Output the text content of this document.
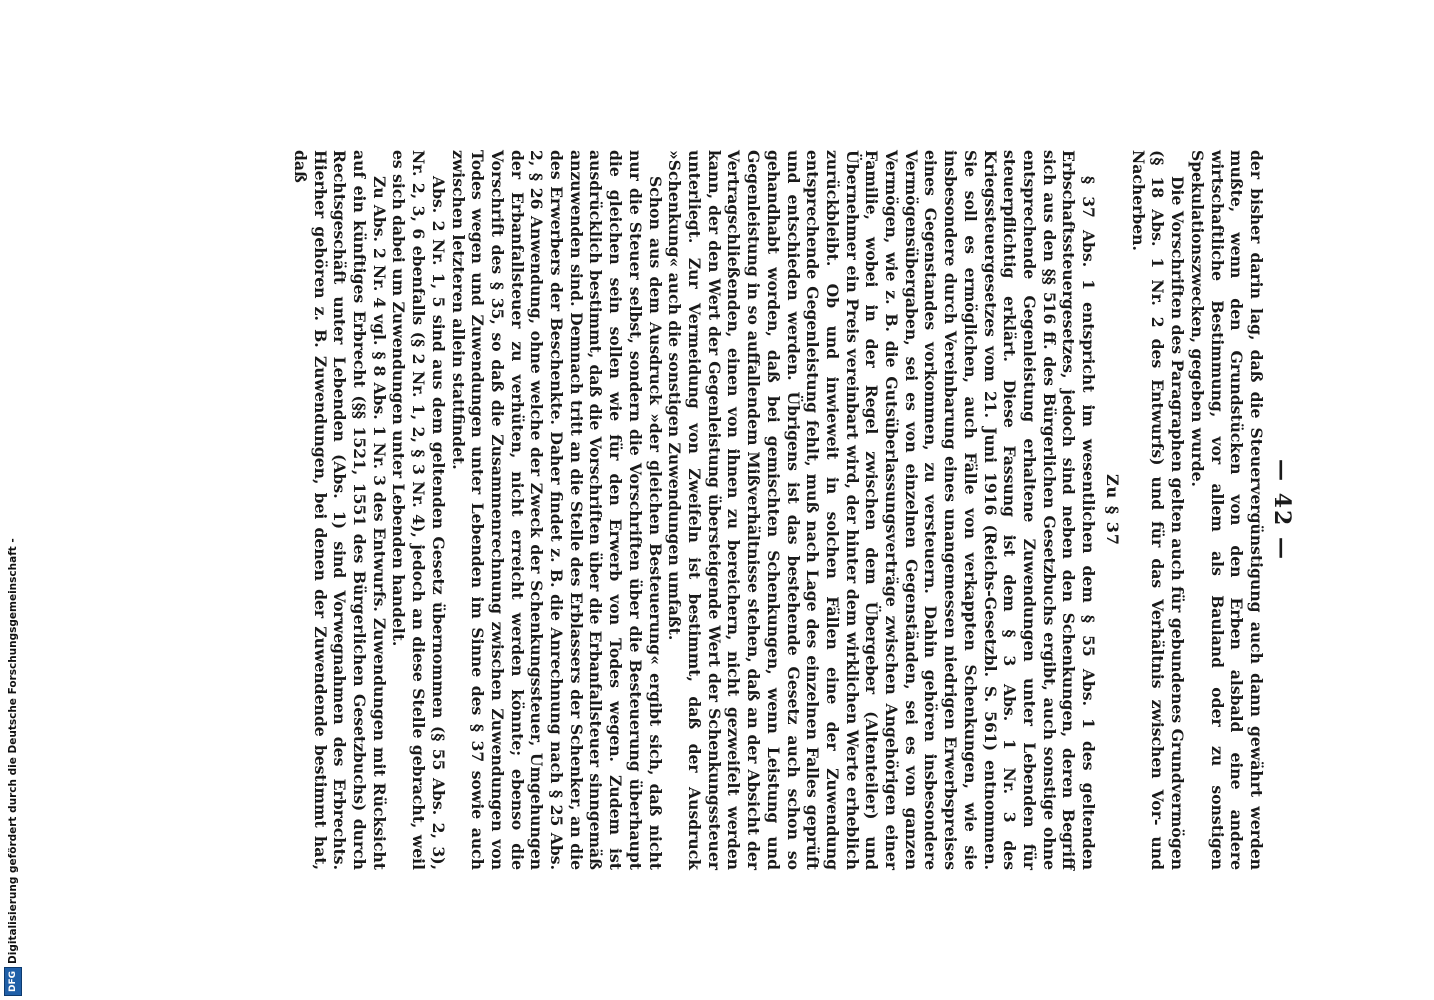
— 42 —

der bisher darin lag, daß die Steuervergünstigung auch dann gewährt werden mußte, wenn den Grundstücken von den Erben alsbald eine andere wirtschaftliche Bestimmung, vor allem als Bauland oder zu sonstigen Spekulationszwecken, gegeben wurde.

Die Vorschriften des Paragraphen gelten auch für gebundenes Grundvermögen (§ 18 Abs. 1 Nr. 2 des Entwurfs) und für das Verhältnis zwischen Vor- und Nacherben.

Zu § 37

§ 37 Abs. 1 entspricht im wesentlichen dem § 55 Abs. 1 des geltenden Erbschaftssteuergesetzes, jedoch sind neben den Schenkungen, deren Begriff sich aus den §§ 516 ff. des Bürgerlichen Gesetzbuchs ergibt, auch sonstige ohne entsprechende Gegenleistung erhaltene Zuwendungen unter Lebenden für steuerpflichtig erklärt. Diese Fassung ist dem § 3 Abs. 1 Nr. 3 des Kriegssteuergesetzes vom 21. Juni 1916 (Reichs-Gesetzbl. S. 561) entnommen. Sie soll es ermöglichen, auch Fälle von verkappten Schenkungen, wie sie insbesondere durch Vereinbarung eines unangemessen niedrigen Erwerbspreises eines Gegenstandes vorkommen, zu versteuern. Dahin gehören insbesondere Vermögensübergaben, sei es von einzelnen Gegenständen, sei es von ganzen Vermögen, wie z. B. die Gutsüberlassungsverträge zwischen Angehörigen einer Familie, wobei in der Regel zwischen dem Übergeber (Altenteiler) und Übernehmer ein Preis vereinbart wird, der hinter dem wirklichen Werte erheblich zurückbleibt. Ob und inwieweit in solchen Fällen eine der Zuwendung entsprechende Gegenleistung fehlt, muß nach Lage des einzelnen Falles geprüft und entschieden werden. Übrigens ist das bestehende Gesetz auch schon so gehandhabt worden, daß bei gemischten Schenkungen, wenn Leistung und Gegenleistung in so auffallendem Mißverhältnisse stehen, daß an der Absicht der Vertragschließenden, einen von ihnen zu bereichern, nicht gezweifelt werden kann, der den Wert der Gegenleistung übersteigende Wert der Schenkungssteuer unterliegt. Zur Vermeidung von Zweifeln ist bestimmt, daß der Ausdruck »Schenkung« auch die sonstigen Zuwendungen umfaßt.

Schon aus dem Ausdruck »der gleichen Besteuerung« ergibt sich, daß nicht nur die Steuer selbst, sondern die Vorschriften über die Besteuerung überhaupt die gleichen sein sollen wie für den Erwerb von Todes wegen. Zudem ist ausdrücklich bestimmt, daß die Vorschriften über die Erbanfallsteuer sinngemäß anzuwenden sind. Demnach tritt an die Stelle des Erblassers der Schenker, an die des Erwerbers der Beschenkte. Daher findet z. B. die Anrechnung nach § 25 Abs. 2, § 26 Anwendung, ohne welche der Zweck der Schenkungssteuer, Umgehungen der Erbanfallsteuer zu verhüten, nicht erreicht werden könnte; ebenso die Vorschrift des § 35, so daß die Zusammenrechnung zwischen Zuwendungen von Todes wegen und Zuwendungen unter Lebenden im Sinne des § 37 sowie auch zwischen letzteren allein stattfindet.

Abs. 2 Nr. 1, 5 sind aus dem geltenden Gesetz übernommen (§ 55 Abs. 2, 3), Nr. 2, 3, 6 ebenfalls (§ 2 Nr. 1, 2, § 3 Nr. 4), jedoch an diese Stelle gebracht, weil es sich dabei um Zuwendungen unter Lebenden handelt.

Zu Abs. 2 Nr. 4 vgl. § 8 Abs. 1 Nr. 3 des Entwurfs. Zuwendungen mit Rücksicht auf ein künftiges Erbrecht (§§ 1521, 1551 des Bürgerlichen Gesetzbuchs) durch Rechtsgeschäft unter Lebenden (Abs. 1) sind Vorwegnahmen des Erbrechts. Hierher gehören z. B. Zuwendungen, bei denen der Zuwendende bestimmt hat, daß

DFG
Digitalisierung gefördert durch die Deutsche Forschungsgemeinschaft -
